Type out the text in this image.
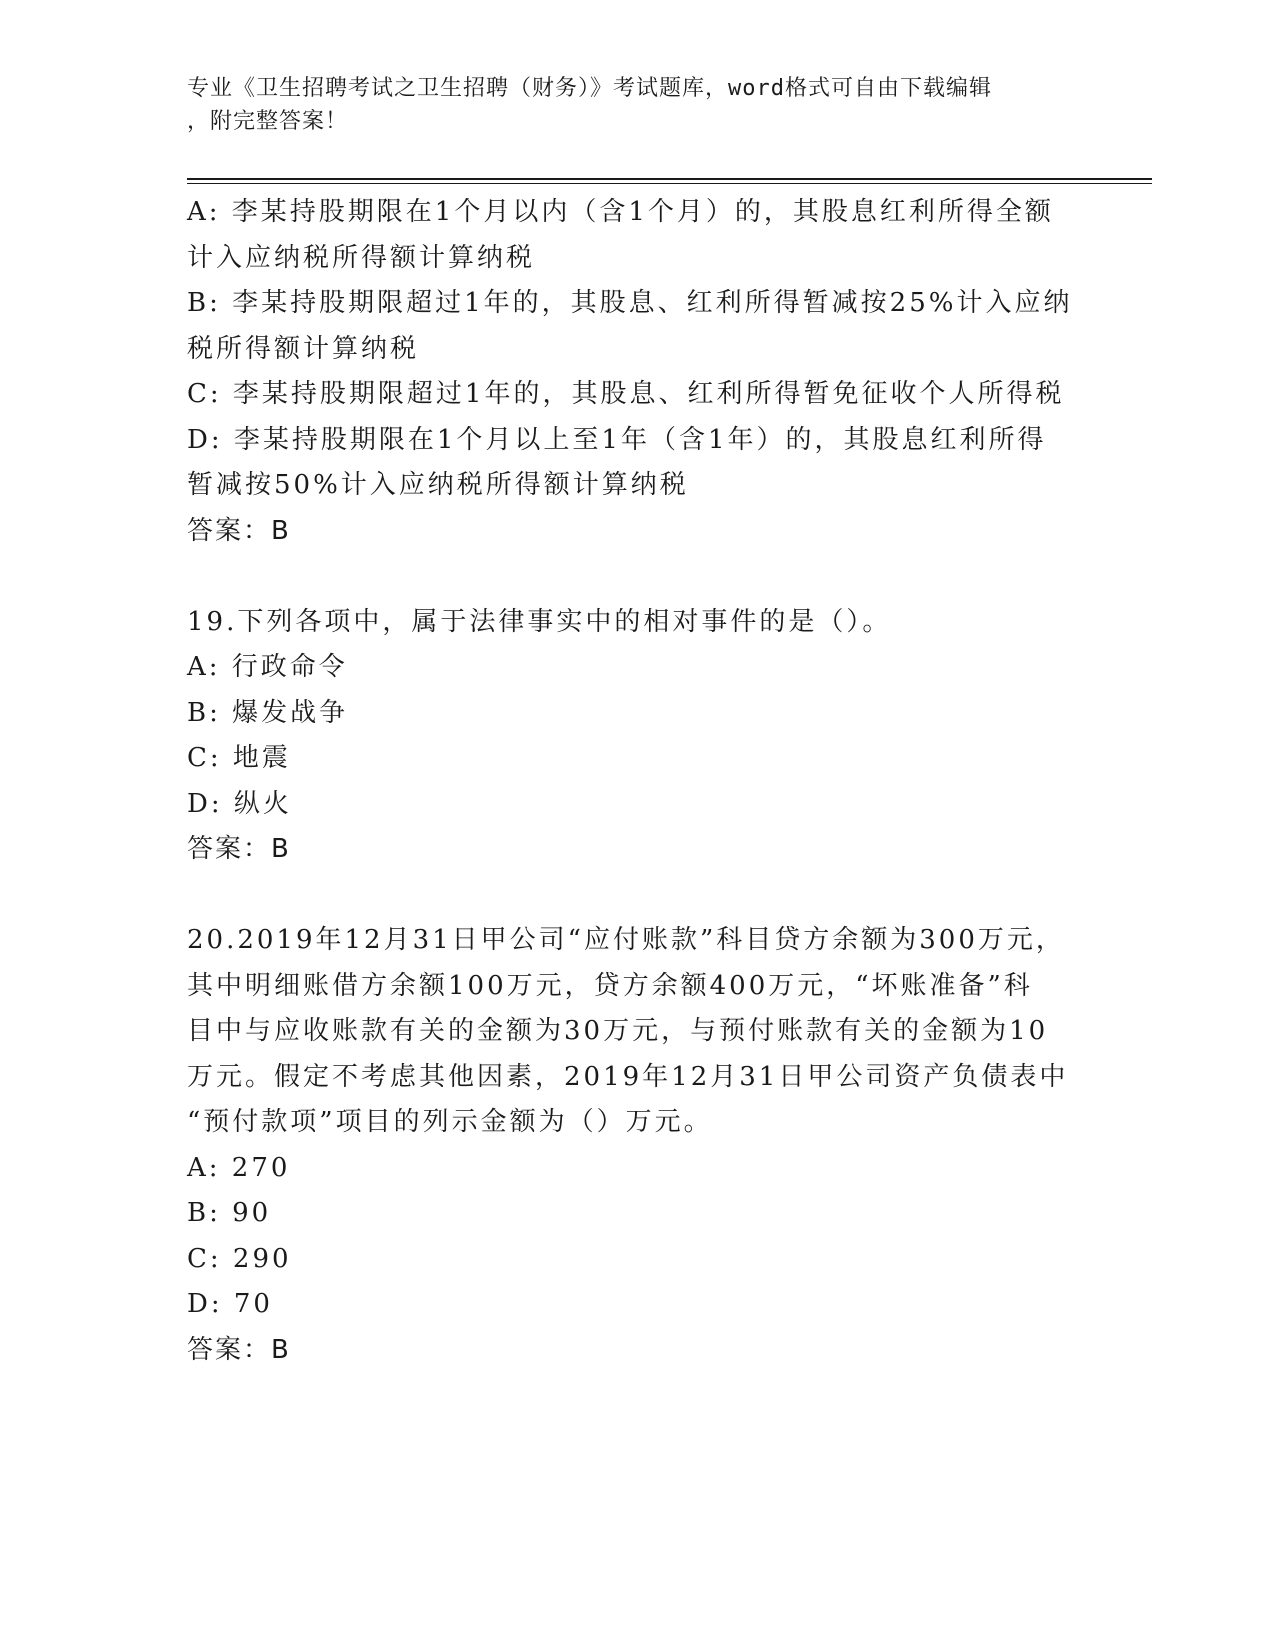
专业《卫生招聘考试之卫生招聘（财务）》考试题库，word格式可自由下载编辑
，附完整答案！
A: 李某持股期限在1个月以内（含1个月）的，其股息红利所得全额
计入应纳税所得额计算纳税
B: 李某持股期限超过1年的，其股息、红利所得暂减按25%计入应纳
税所得额计算纳税
C: 李某持股期限超过1年的，其股息、红利所得暂免征收个人所得税
D: 李某持股期限在1个月以上至1年（含1年）的，其股息红利所得
暂减按50%计入应纳税所得额计算纳税
答案：B
19.下列各项中，属于法律事实中的相对事件的是（）。
A: 行政命令
B: 爆发战争
C: 地震
D: 纵火
答案：B
20.2019年12月31日甲公司“应付账款”科目贷方余额为300万元，
其中明细账借方余额100万元，贷方余额400万元，“坏账准备”科
目中与应收账款有关的金额为30万元，与预付账款有关的金额为10
万元。假定不考虑其他因素，2019年12月31日甲公司资产负债表中
“预付款项”项目的列示金额为（）万元。
A: 270
B: 90
C: 290
D: 70
答案：B
